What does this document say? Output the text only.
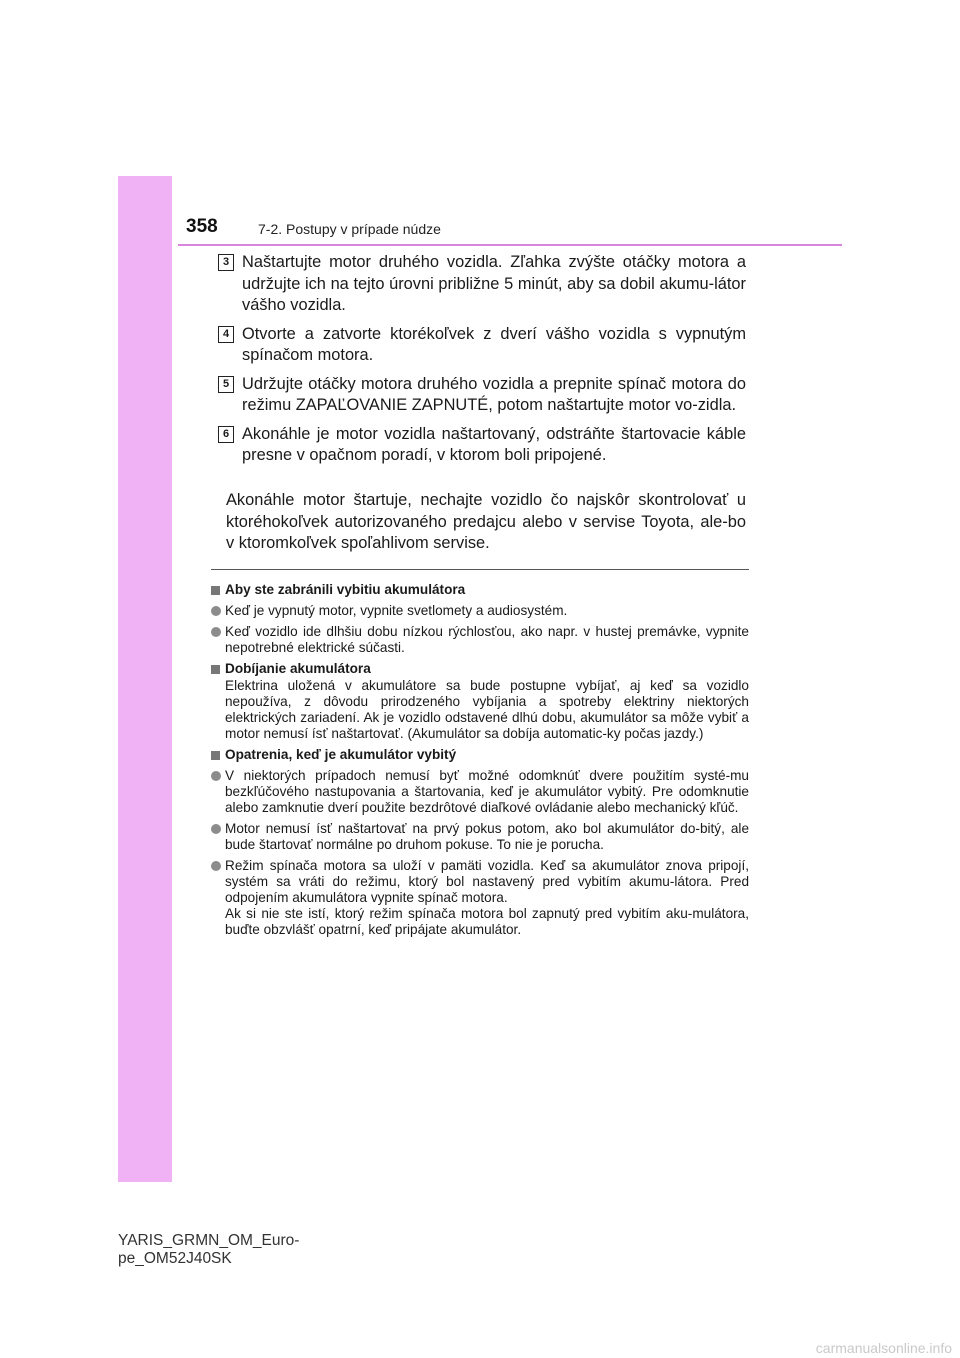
358	7-2. Postupy v prípade núdze
3 Naštartujte motor druhého vozidla. Zľahka zvýšte otáčky motora a udržujte ich na tejto úrovni približne 5 minút, aby sa dobil akumu-látor vášho vozidla.
4 Otvorte a zatvorte ktorékoľvek z dverí vášho vozidla s vypnutým spínačom motora.
5 Udržujte otáčky motora druhého vozidla a prepnite spínač motora do režimu ZAPAĽOVANIE ZAPNUTÉ, potom naštartujte motor vo-zidla.
6 Akonáhle je motor vozidla naštartovaný, odstráňte štartovacie káble presne v opačnom poradí, v ktorom boli pripojené.
Akonáhle motor štartuje, nechajte vozidlo čo najskôr skontrolovať u ktoréhokoľvek autorizovaného predajcu alebo v servise Toyota, ale-bo v ktoromkoľvek spoľahlivom servise.
Aby ste zabránili vybitiu akumulátora
Keď je vypnutý motor, vypnite svetlomety a audiosystém.
Keď vozidlo ide dlhšiu dobu nízkou rýchlosťou, ako napr. v hustej premávke, vypnite nepotrebné elektrické súčasti.
Dobíjanie akumulátora
Elektrina uložená v akumulátore sa bude postupne vybíjať, aj keď sa vozidlo nepoužíva, z dôvodu prirodzeného vybíjania a spotreby elektriny niektorých elektrických zariadení. Ak je vozidlo odstavené dlhú dobu, akumulátor sa môže vybiť a motor nemusí ísť naštartovať. (Akumulátor sa dobíja automatic-ky počas jazdy.)
Opatrenia, keď je akumulátor vybitý
V niektorých prípadoch nemusí byť možné odomknúť dvere použitím systé-mu bezkľúčového nastupovania a štartovania, keď je akumulátor vybitý. Pre odomknutie alebo zamknutie dverí použite bezdrôtové diaľkové ovládanie alebo mechanický kľúč.
Motor nemusí ísť naštartovať na prvý pokus potom, ako bol akumulátor do-bitý, ale bude štartovať normálne po druhom pokuse. To nie je porucha.
Režim spínača motora sa uloží v pamäti vozidla. Keď sa akumulátor znova pripojí, systém sa vráti do režimu, ktorý bol nastavený pred vybitím akumu-látora. Pred odpojením akumulátora vypnite spínač motora.
Ak si nie ste istí, ktorý režim spínača motora bol zapnutý pred vybitím aku-mulátora, buďte obzvlášť opatrní, keď pripájate akumulátor.
YARIS_GRMN_OM_Euro-
pe_OM52J40SK
carmanualsonline.info
